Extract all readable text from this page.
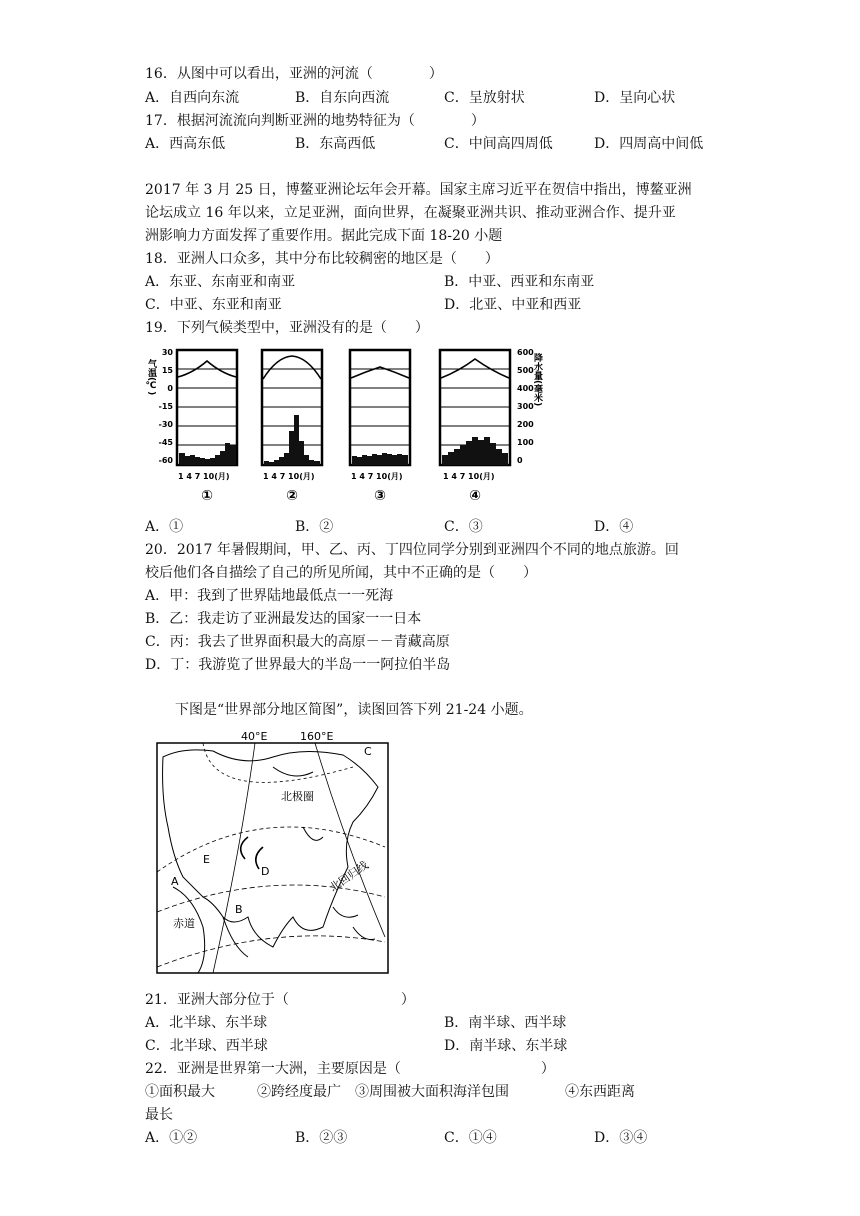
16．从图中可以看出，亚洲的河流（　　　　）
A．自西向东流	B．自东向西流	C．呈放射状	D．呈向心状
17．根据河流流向判断亚洲的地势特征为（　　　　）
A．西高东低	B．东高西低	C．中间高四周低	D．四周高中间低
2017 年 3 月 25 日，博鳌亚洲论坛年会开幕。国家主席习近平在贺信中指出，博鳌亚洲
论坛成立 16 年以来，立足亚洲，面向世界，在凝聚亚洲共识、推动亚洲合作、提升亚
洲影响力方面发挥了重要作用。据此完成下面 18-20 小题
18．亚洲人口众多，其中分布比较稠密的地区是（　　）
A．东亚、东南亚和南亚	B．中亚、西亚和东南亚
C．中亚、东亚和南亚	D．北亚、中亚和西亚
19．下列气候类型中，亚洲没有的是（　　）
气温(℃)
30
15
0
-15
-30
-45
-60
600
500
400
300
200
100
0
降水量(毫米)
1 4 7 10(月)	1 4 7 10(月)	1 4 7 10(月)	1 4 7 10(月)
①	②	③	④
A．①	B．②	C．③	D．④
20．2017 年暑假期间，甲、乙、丙、丁四位同学分别到亚洲四个不同的地点旅游。回
校后他们各自描绘了自己的所见所闻，其中不正确的是（　　）
A．甲：我到了世界陆地最低点一一死海
B．乙：我走访了亚洲最发达的国家一一日本
C．丙：我去了世界面积最大的高原－－青藏高原
D．丁：我游览了世界最大的半岛一一阿拉伯半岛
下图是“世界部分地区简图”，读图回答下列 21-24 小题。
40°E	160°E
北极圈
北回归线
赤道
A
B
C
D
E
21．亚洲大部分位于（　　　　　　　　）
A．北半球、东半球	B．南半球、西半球
C．北半球、西半球	D．南半球、东半球
22．亚洲是世界第一大洲，主要原因是（　　　　　　　　　　）
①面积最大　　　②跨经度最广　③周围被大面积海洋包围　　　　④东西距离
最长
A．①②	B．②③	C．①④	D．③④
